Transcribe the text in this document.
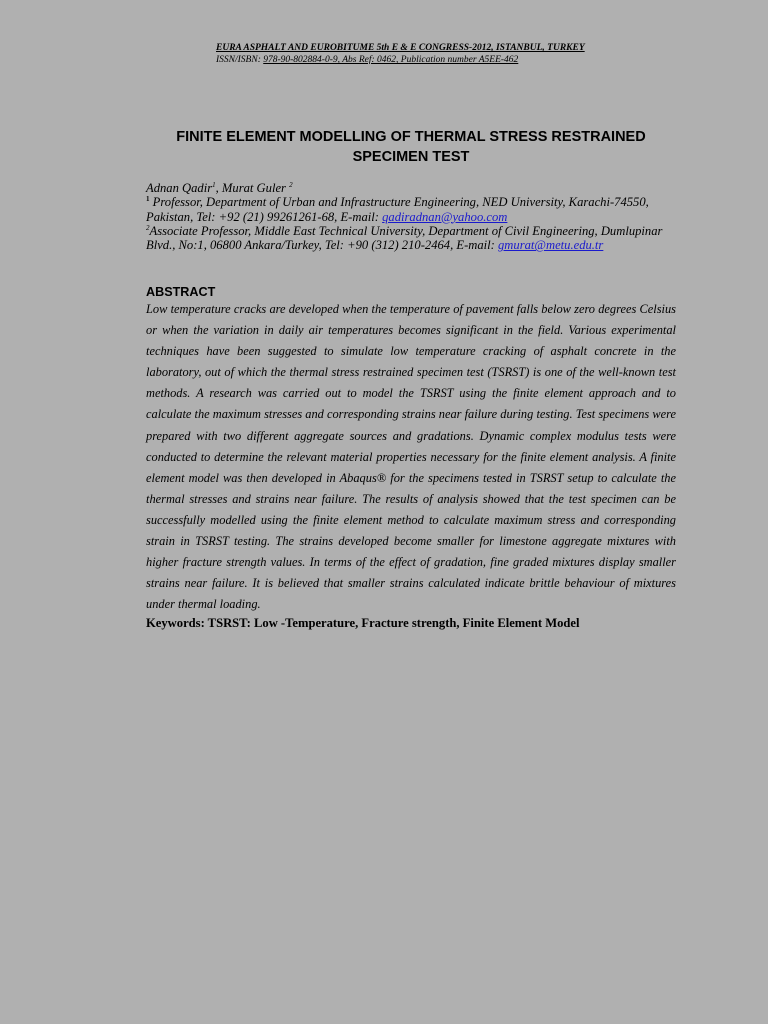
EURA ASPHALT AND EUROBITUME 5th E & E CONGRESS-2012, ISTANBUL, TURKEY
ISSN/ISBN: 978-90-802884-0-9, Abs Ref: 0462, Publication number A5EE-462
FINITE ELEMENT MODELLING OF THERMAL STRESS RESTRAINED SPECIMEN TEST
Adnan Qadir$^1$, Murat Guler $^2$
$^1$ Professor, Department of Urban and Infrastructure Engineering, NED University, Karachi-74550, Pakistan, Tel: +92 (21) 99261261-68, E-mail: qadiradnan@yahoo.com
$^2$Associate Professor, Middle East Technical University, Department of Civil Engineering, Dumlupinar Blvd., No:1, 06800 Ankara/Turkey, Tel: +90 (312) 210-2464, E-mail: gmurat@metu.edu.tr
ABSTRACT
Low temperature cracks are developed when the temperature of pavement falls below zero degrees Celsius or when the variation in daily air temperatures becomes significant in the field. Various experimental techniques have been suggested to simulate low temperature cracking of asphalt concrete in the laboratory, out of which the thermal stress restrained specimen test (TSRST) is one of the well-known test methods. A research was carried out to model the TSRST using the finite element approach and to calculate the maximum stresses and corresponding strains near failure during testing. Test specimens were prepared with two different aggregate sources and gradations. Dynamic complex modulus tests were conducted to determine the relevant material properties necessary for the finite element analysis. A finite element model was then developed in Abaqus® for the specimens tested in TSRST setup to calculate the thermal stresses and strains near failure. The results of analysis showed that the test specimen can be successfully modelled using the finite element method to calculate maximum stress and corresponding strain in TSRST testing. The strains developed become smaller for limestone aggregate mixtures with higher fracture strength values. In terms of the effect of gradation, fine graded mixtures display smaller strains near failure. It is believed that smaller strains calculated indicate brittle behaviour of mixtures under thermal loading.
Keywords: TSRST: Low -Temperature, Fracture strength, Finite Element Model
